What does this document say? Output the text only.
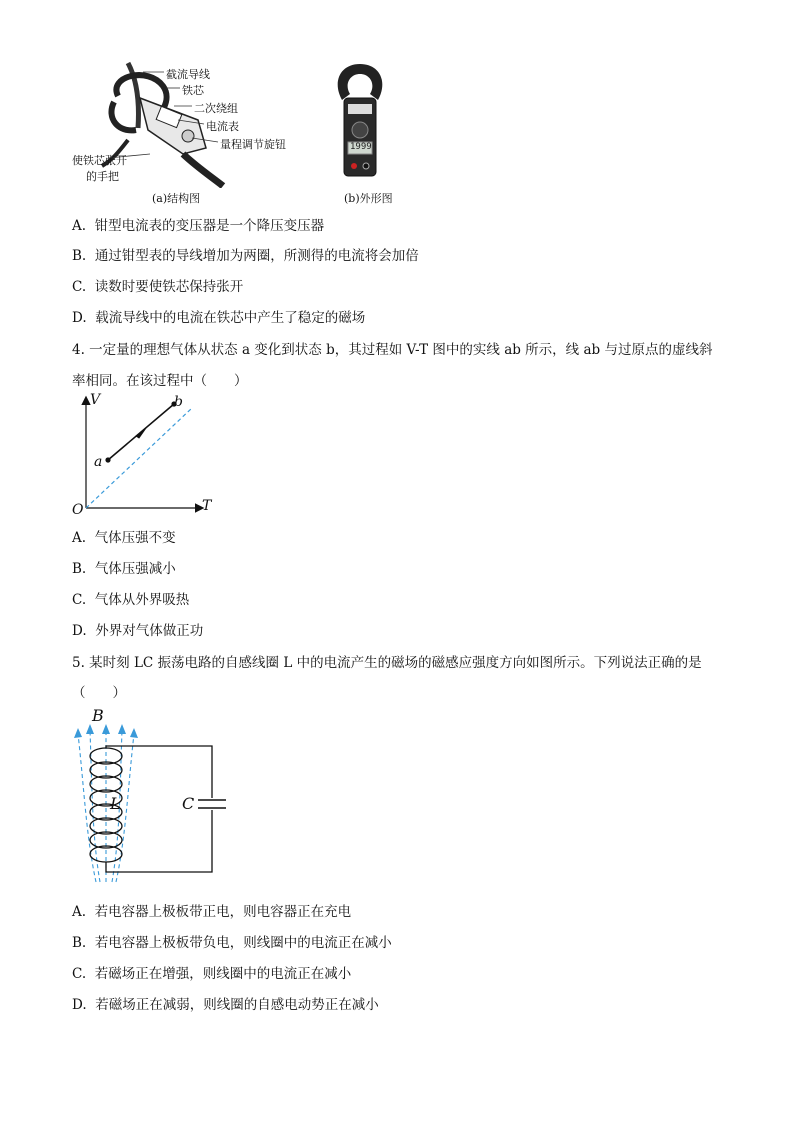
截流导线
铁芯
二次绕组
电流表
量程调节旋钮
使铁芯张开
的手把
(a)结构图
1999
(b)外形图
A. 钳型电流表的变压器是一个降压变压器
B. 通过钳型表的导线增加为两圈，所测得的电流将会加倍
C. 读数时要使铁芯保持张开
D. 载流导线中的电流在铁芯中产生了稳定的磁场
4. 一定量的理想气体从状态 a 变化到状态 b，其过程如 V-T 图中的实线 ab 所示，线 ab 与过原点的虚线斜
率相同。在该过程中（　　）
V
T
O
a
b
A. 气体压强不变
B. 气体压强减小
C. 气体从外界吸热
D. 外界对气体做正功
5. 某时刻 LC 振荡电路的自感线圈 L 中的电流产生的磁场的磁感应强度方向如图所示。下列说法正确的是
（　　）
B
L	C
A. 若电容器上极板带正电，则电容器正在充电
B. 若电容器上极板带负电，则线圈中的电流正在减小
C. 若磁场正在增强，则线圈中的电流正在减小
D. 若磁场正在减弱，则线圈的自感电动势正在减小
